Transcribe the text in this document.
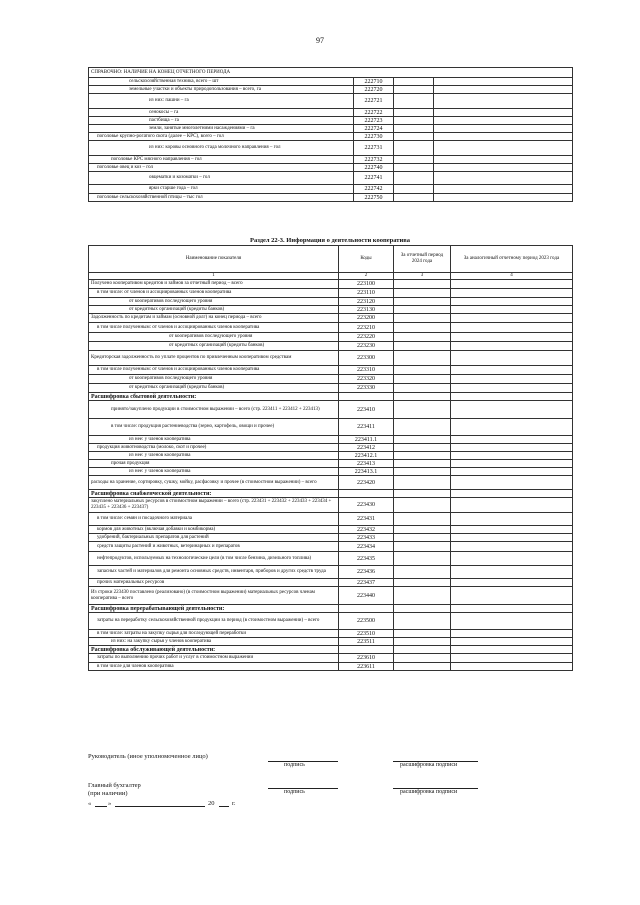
97
СПРАВОЧНО: НАЛИЧИЕ НА КОНЕЦ ОТЧЕТНОГО ПЕРИОДА			
сельскохозяйственная техника, всего – шт	222710		
земельные участки и объекты природопользования – всего, га	222720		
из них: пашни – га	222721		
сенокосы – га	222722		
пастбища – га	222723		
земли, занятые многолетними насаждениями – га	222724		
поголовье крупно-рогатого скота (далее – КРС), всего – гол	222730		
из них: коровы основного стада молочного направления – гол	222731		
поголовье КРС мясного направления – гол	222732		
поголовье овец и коз – гол	222740		
овцематки и козоматки – гол	222741		
ярки старше года – гол	222742		
поголовье сельскохозяйственной птицы – тыс гол	222750		
Раздел 22-3. Информация о деятельности кооператива
Наименование показателя	Коды	За отчетный период 2024 года	За аналогичный отчетному период 2023 года
1	2	3	4
Получено кооперативом кредитов и займов за отчетный период – всего	223100		
в том числе: от членов и ассоциированных членов кооператива	223110		
от кооперативов последующего уровня	223120		
от кредитных организаций (кредиты банков)	223130		
Задолженность по кредитам и займам (основной долг) на конец периода – всего	223200		
в том числе полученным: от членов и ассоциированных членов кооператива	223210		
от кооперативов последующего уровня	223220		
от кредитных организаций (кредиты банков)	223230		
Кредиторская задолженность по уплате процентов по привлеченным кооперативом средствам	223300		
в том числе полученным: от членов и ассоциированных членов кооператива	223310		
от кооперативов последующего уровня	223320		
от кредитных организаций (кредиты банков)	223330		
Расшифровка сбытовой деятельности:			
принято/закуплено продукции в стоимостном выражении – всего (стр. 223411 + 223412 + 223413)	223410		
в том числе: продукция растениеводства (зерно, картофель, овощи и прочее)	223411		
из нее: у членов кооператива	223411.1		
продукция животноводства (молоко, скот и прочее)	223412		
из нее: у членов кооператива	223412.1		
прочая продукция	223413		
из нее: у членов кооператива	223413.1		
расходы на хранение, сортировку, сушку, мойку, расфасовку и прочее (в стоимостном выражении) – всего	223420		
Расшифровка снабженческой деятельности:			
закуплено материальных ресурсов в стоимостном выражении – всего (стр. 223431 + 223432 + 223433 + 223434 + 223435 + 223436 + 223437)	223430		
в том числе: семян и посадочного материала	223431		
кормов для животных (включая добавки и комбикорма)	223432		
удобрений, бактериальных препаратов для растений	223433		
средств защиты растений и животных, ветеринарных и препаратов	223434		
нефтепродуктов, используемых на технологические цели (в том числе бензина, дизельного топлива)	223435		
запасных частей и материалов для ремонта основных средств, инвентаря, приборов и других средств труда	223436		
прочих материальных ресурсов	223437		
Из строки 223430 поставлено (реализовано) (в стоимостном выражении) материальных ресурсов членам кооператива – всего	223440		
Расшифровка перерабатывающей деятельности:			
затраты на переработку сельскохозяйственной продукции за период (в стоимостном выражении) – всего	223500		
в том числе: затраты на закупку сырья для последующей переработки	223510		
из них: на закупку сырья у членов кооператива	223511		
Расшифровка обслуживающей деятельности:			
затраты по выполнению прочих работ и услуг в стоимостном выражении	223610		
в том числе для членов кооператива	223611		
Руководитель (иное уполномоченное лицо)
подпись	расшифровка подписи
Главный бухгалтер
(при наличии)	подпись	расшифровка подписи
«	»	20	г.
